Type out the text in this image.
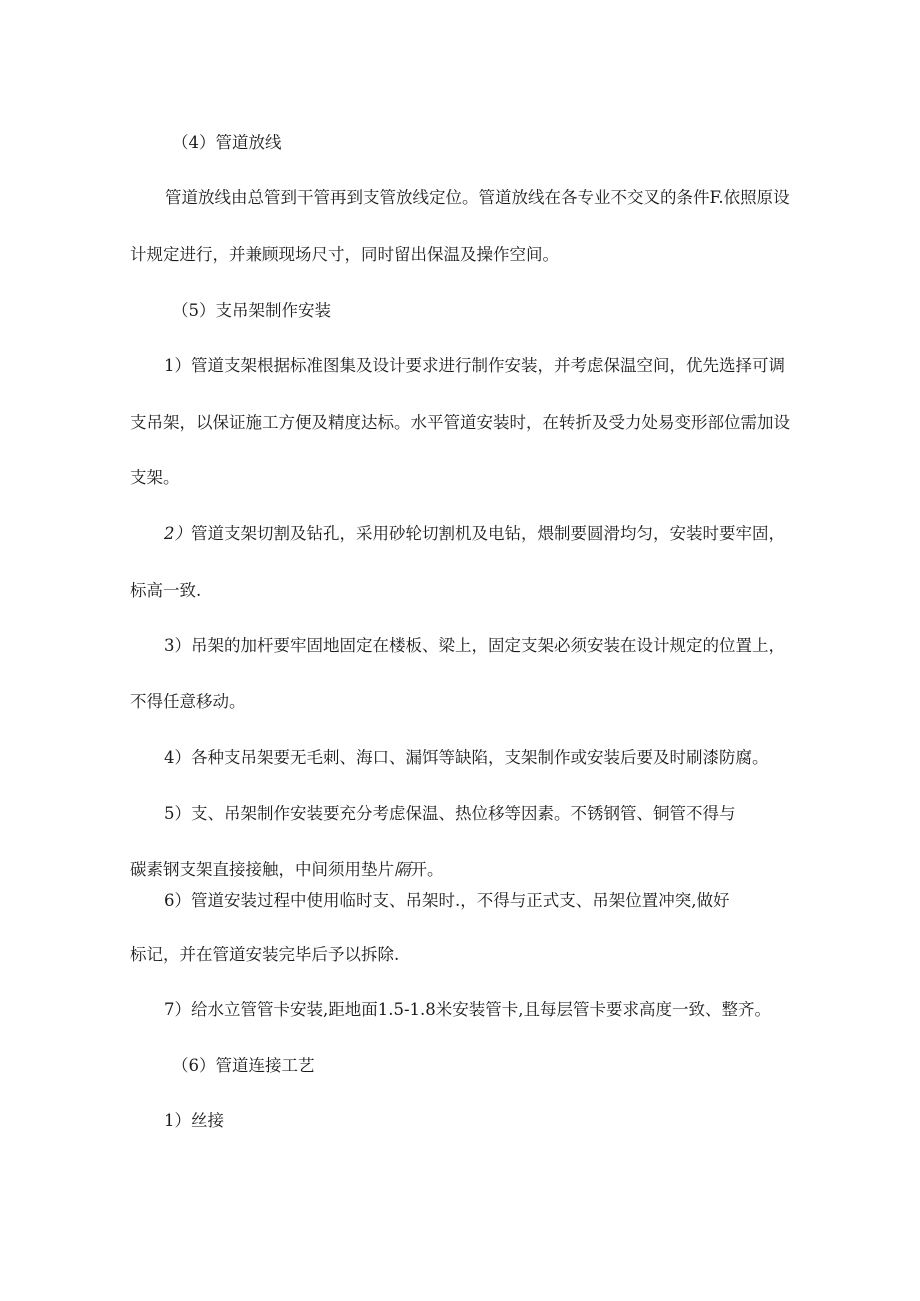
（4）管道放线

管道放线由总管到干管再到支管放线定位。管道放线在各专业不交叉的条件F.依照原设

计规定进行，并兼顾现场尺寸，同时留出保温及操作空间。

（5）支吊架制作安装

1）管道支架根据标准图集及设计要求进行制作安装，并考虑保温空间，优先选择可调

支吊架，以保证施工方便及精度达标。水平管道安装时，在转折及受力处易变形部位需加设

支架。

2）管道支架切割及钻孔，采用砂轮切割机及电钻，煨制要圆滑均匀，安装时要牢固，

标高一致.

3）吊架的加杆要牢固地固定在楼板、梁上，固定支架必须安装在设计规定的位置上，

不得任意移动。

4）各种支吊架要无毛刺、海口、漏饵等缺陷，支架制作或安装后要及时刷漆防腐。

5）支、吊架制作安装要充分考虑保温、热位移等因素。不锈钢管、铜管不得与

碳素钢支架直接接触，中间须用垫片隔开。

6）管道安装过程中使用临时支、吊架时.，不得与正式支、吊架位置冲突,做好

标记，并在管道安装完毕后予以拆除.

7）给水立管管卡安装,距地面1.5-1.8米安装管卡,且每层管卡要求高度一致、整齐。

（6）管道连接工艺

1）丝接
